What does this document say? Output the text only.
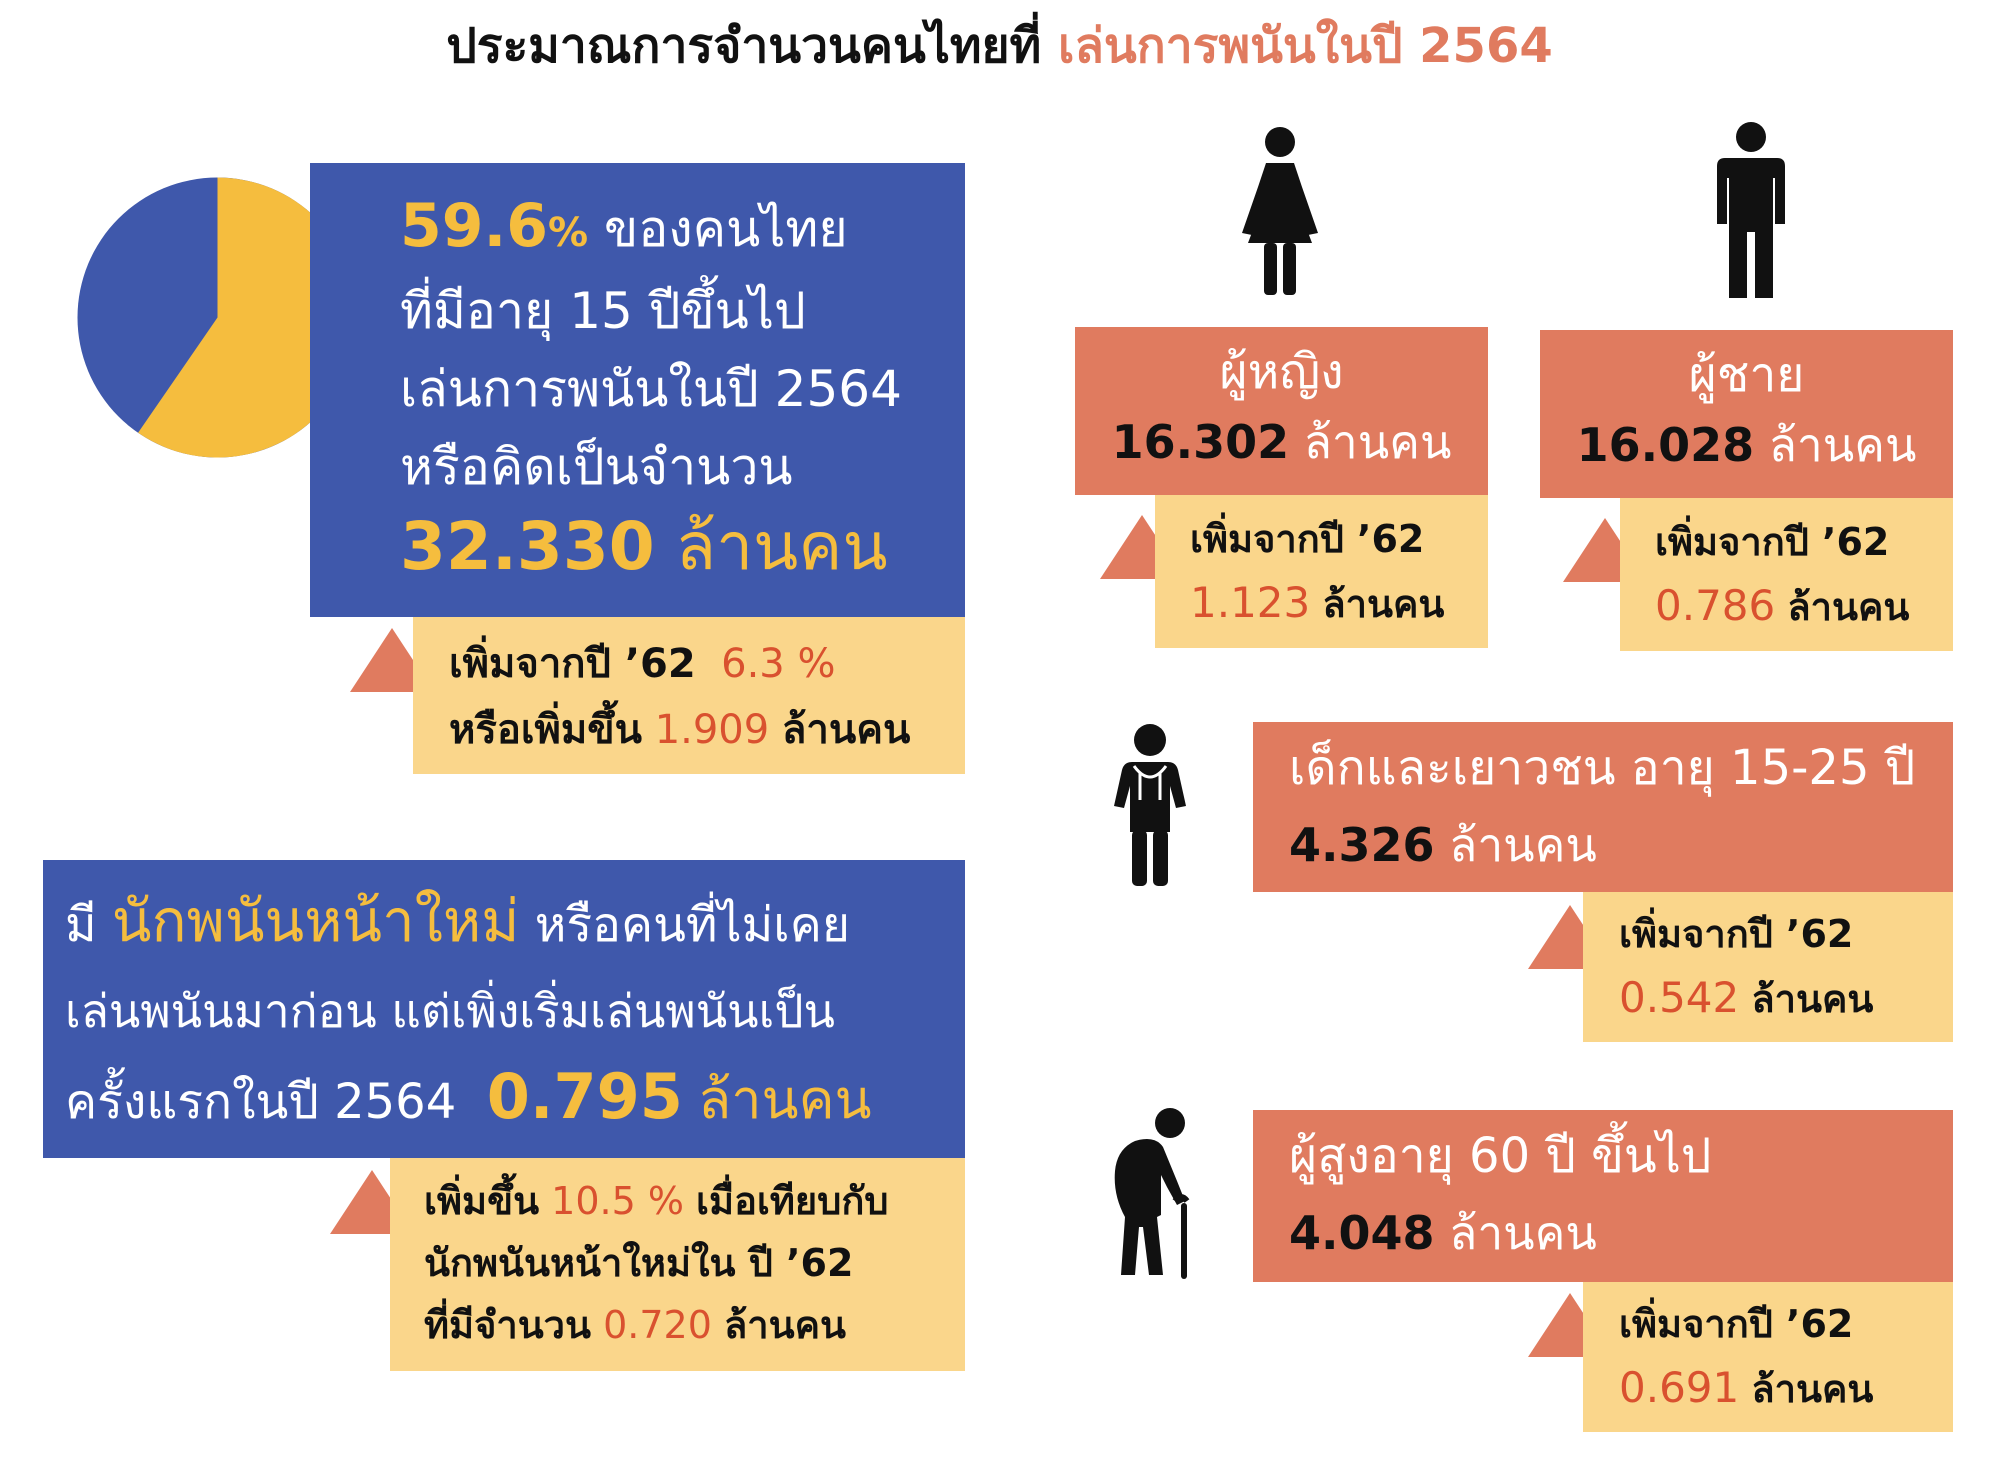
ประมาณการจำนวนคนไทยที่ เล่นการพนันในปี 2564
59.6% ของคนไทย
ที่มีอายุ 15 ปีขึ้นไป
เล่นการพนันในปี 2564
หรือคิดเป็นจำนวน
32.330 ล้านคน
เพิ่มจากปี ’62 6.3 %
หรือเพิ่มขึ้น 1.909 ล้านคน
มี นักพนันหน้าใหม่ หรือคนที่ไม่เคย
เล่นพนันมาก่อน แต่เพิ่งเริ่มเล่นพนันเป็น
ครั้งแรกในปี 2564 0.795 ล้านคน
เพิ่มขึ้น 10.5 % เมื่อเทียบกับ
นักพนันหน้าใหม่ใน ปี ’62
ที่มีจำนวน 0.720 ล้านคน
ผู้หญิง
16.302 ล้านคน
เพิ่มจากปี ’62
1.123 ล้านคน
ผู้ชาย
16.028 ล้านคน
เพิ่มจากปี ’62
0.786 ล้านคน
เด็กและเยาวชน อายุ 15-25 ปี
4.326 ล้านคน
เพิ่มจากปี ’62
0.542 ล้านคน
ผู้สูงอายุ 60 ปี ขึ้นไป
4.048 ล้านคน
เพิ่มจากปี ’62
0.691 ล้านคน
